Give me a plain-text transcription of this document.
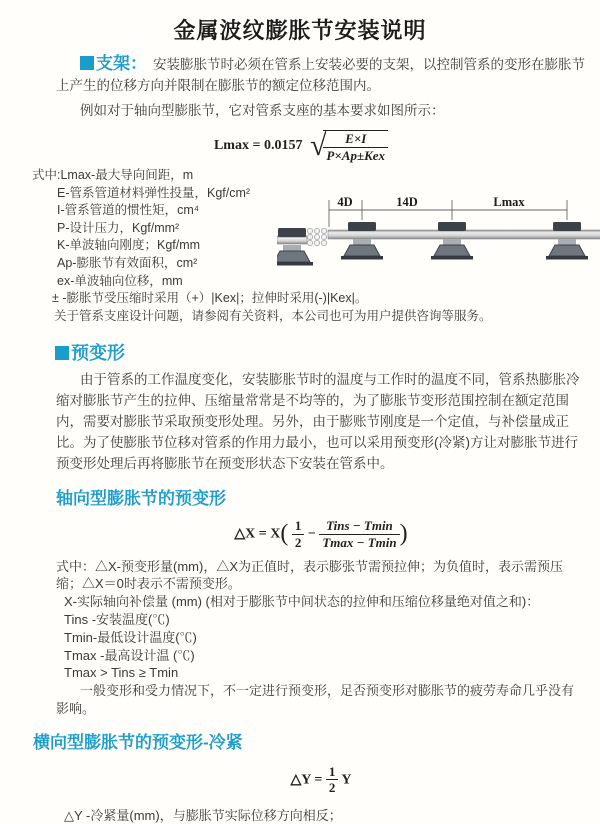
金属波纹膨胀节安装说明

支架： 安装膨胀节时必须在管系上安装必要的支架，以控制管系的变形在膨胀节上产生的位移方向并限制在膨胀节的额定位移范围内。

例如对于轴向型膨胀节，它对管系支座的基本要求如图所示：

Lmax = 0.0157 √
$\frac{E\times I}{\text{P×Ap±Kex}}$
式中:Lmax-最大导向间距，m
E-管系管道材料弹性投量，Kgf/cm²
I-管系管道的惯性矩，cm⁴
P-设计压力，Kgf/mm²
K-单波轴向刚度；Kgf/mm
Ap-膨胀节有效面积，cm²
ex-单波轴向位移，mm
± -膨胀节受压缩时采用（+）|Kex|；拉伸时采用(-)|Kex|。
关于管系支座设计问题，请参阅有关资料，本公司也可为用户提供咨询等服务。
4D	14D	Lmax
预变形

由于管系的工作温度变化，安装膨胀节时的温度与工作时的温度不同，管系热膨胀冷缩对膨胀节产生的拉伸、压缩量常常是不均等的，为了膨胀节变形范围控制在额定范围内，需要对膨胀节采取预变形处理。另外，由于膨账节刚度是一个定值，与补偿量成正比。为了使膨胀节位移对管系的作用力最小，也可以采用预变形(冷紧)方让对膨胀节进行预变形处理后再将膨胀节在预变形状态下安装在管系中。

轴向型膨胀节的预变形
△X = $X( \frac{1}{2} - \frac{\text{Tins − Tmin}}{Tmax - Tmin}$ )
式中：△X-预变形量(mm)，△X为正值时，表示膨张节需预拉伸；为负值时，表示需预压缩；△X＝0时表示不需预变形。
X-实际轴向补偿量 (mm) (相对于膨胀节中间状态的拉伸和压缩位移量绝对值之和)：
Tins -安装温度(℃)
Tmin-最低设计温度(℃)
Tmax -最高设计温 (℃)
Tmax > Tins ≥ Tmin
一般变形和受力情况下，不一定进行预变形，足否预变形对膨胀节的疲劳寿命几乎没有影响。
横向型膨胀节的预变形-冷紧
△Y = $\frac{1}{2}$ Y

△Y -冷紧量(mm)，与膨胀节实际位移方向相反；
